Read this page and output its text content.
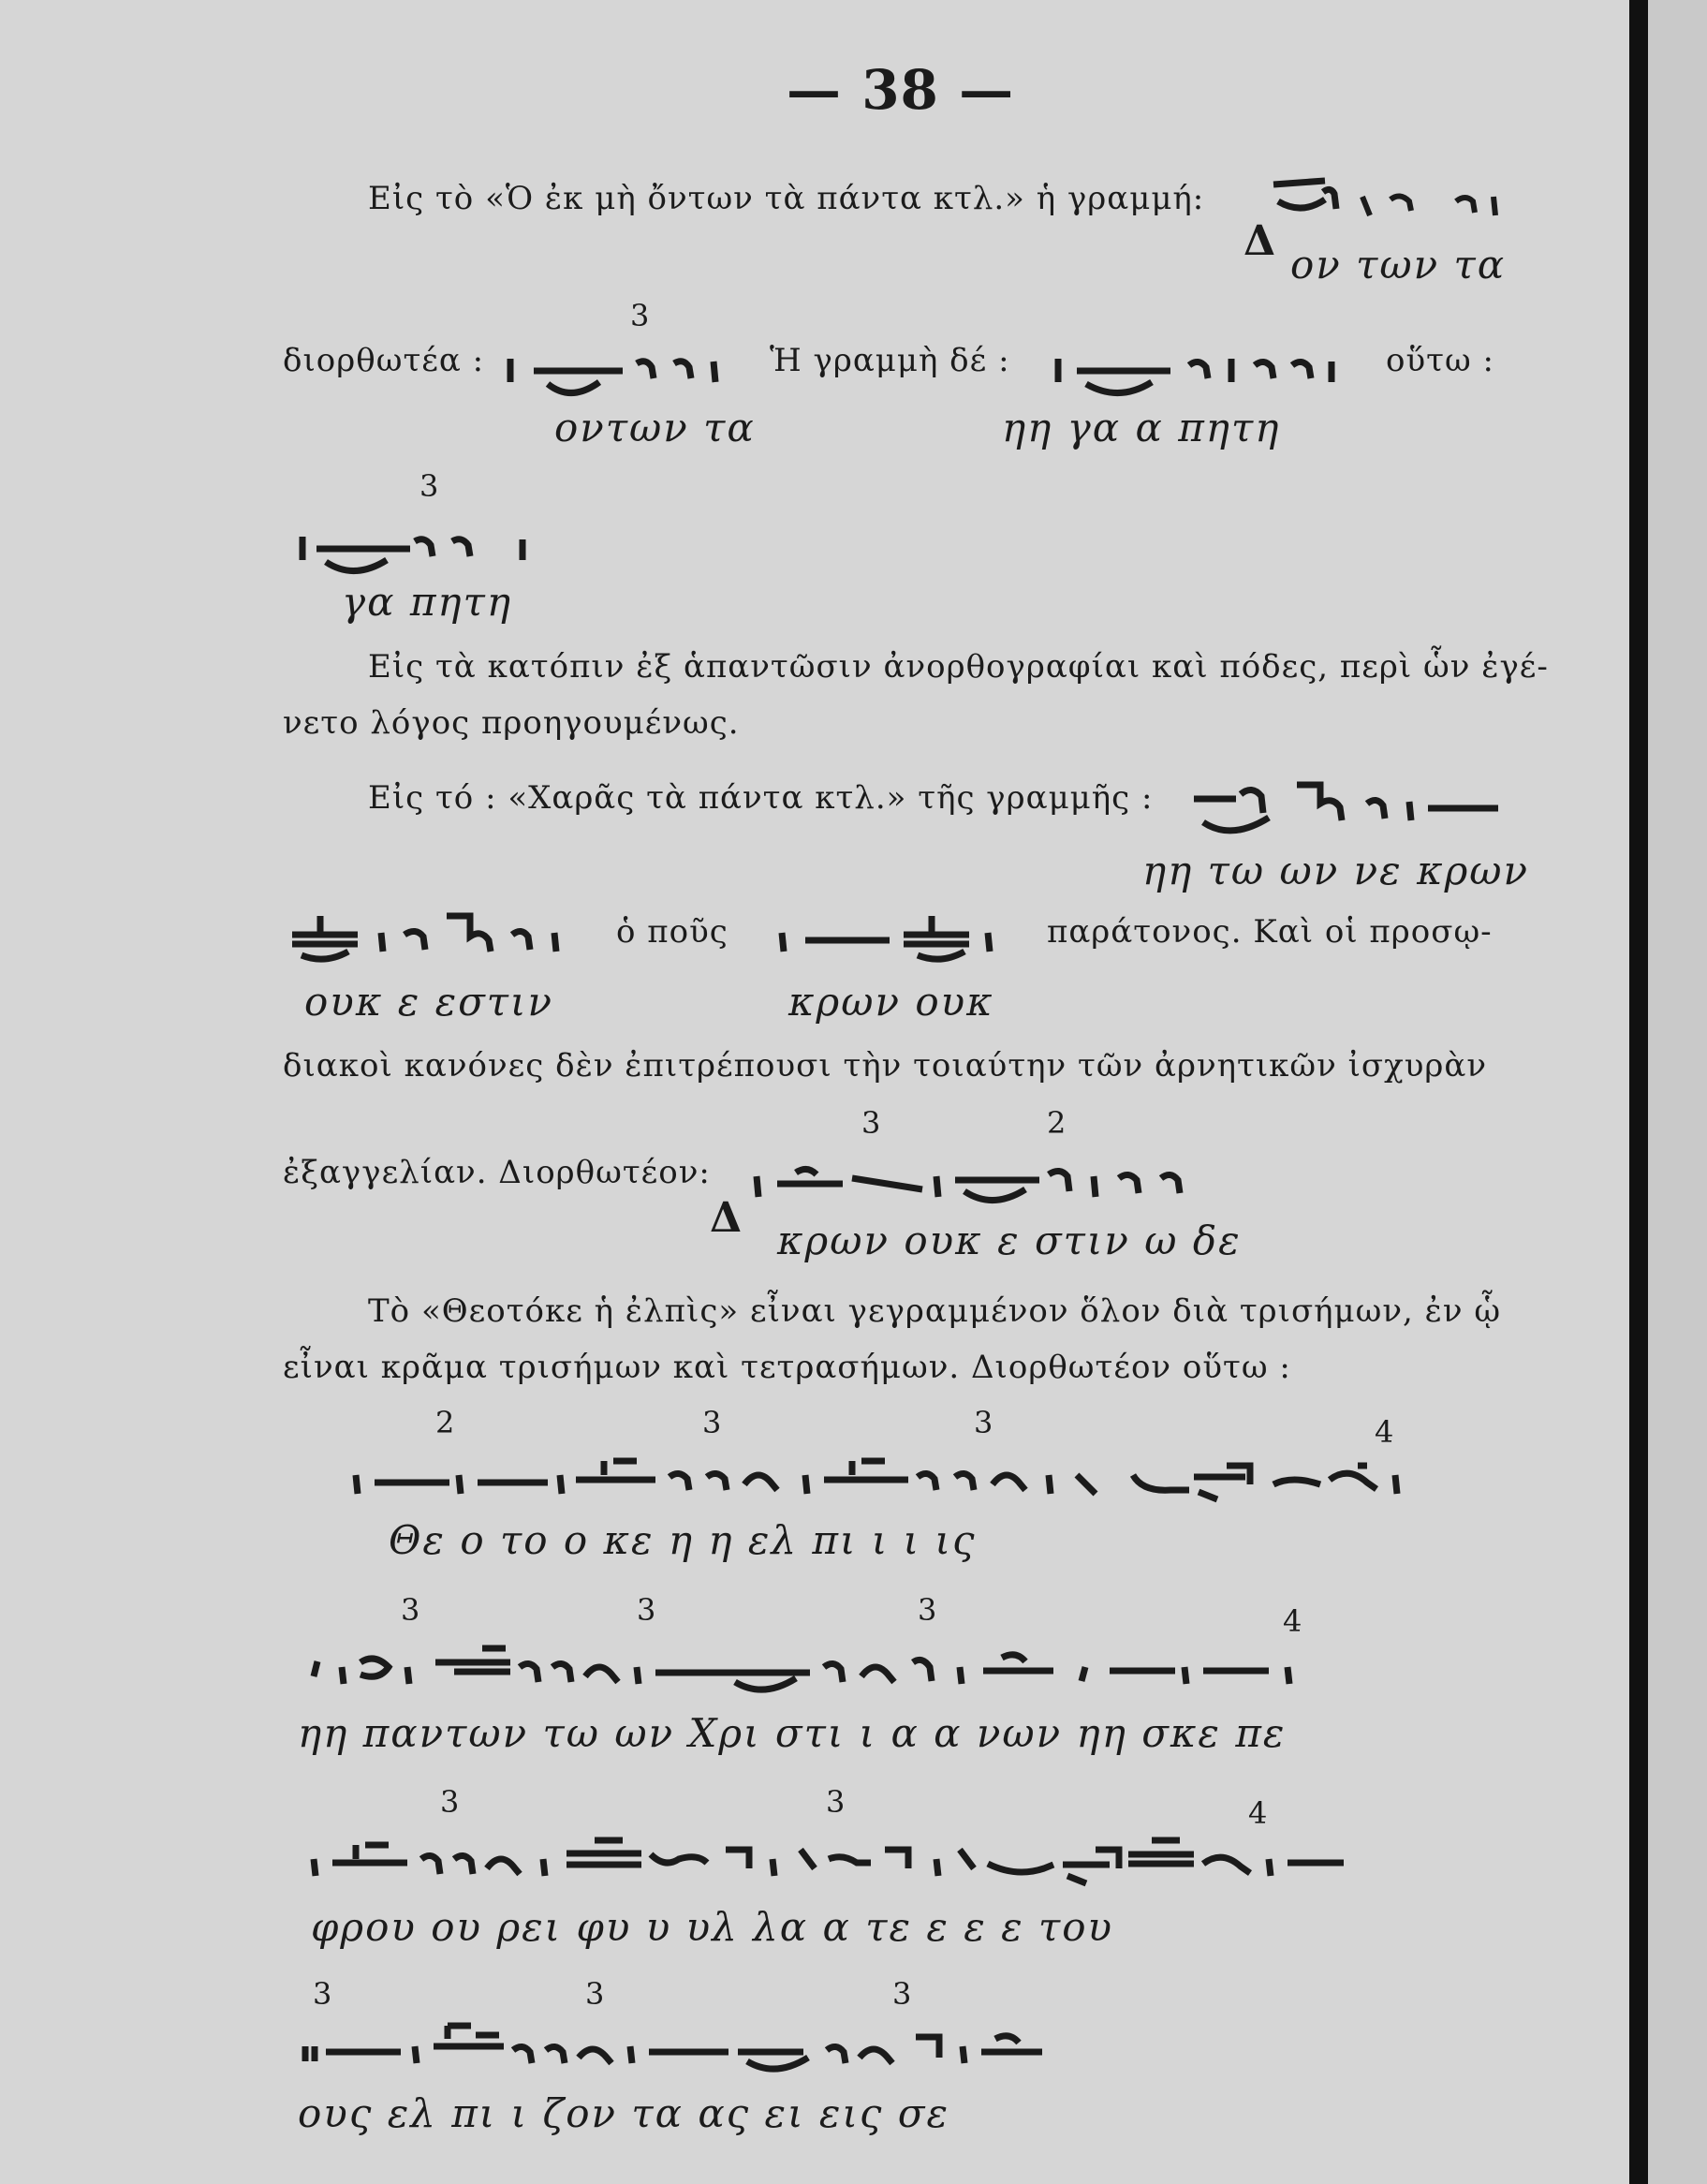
— 38 —
Εἰς τὸ «Ὁ ἐκ μὴ ὄντων τὰ πάντα κτλ.» ἡ γραμμή:
Δ ον των τα
3
διορθωτέα :	Ἡ γραμμὴ δέ :	οὕτω :
οντων τα	ηη γα α πητη
3
γα πητη
Εἰς τὰ κατόπιν ἐξ ἁπαντῶσιν ἀνορθογραφίαι καὶ πόδες, περὶ ὧν ἐγέ-
νετο λόγος προηγουμένως.
Εἰς τό : «Χαρᾶς τὰ πάντα κτλ.» τῆς γραμμῆς :
ηη τω ων νε κρων
ὁ ποῦς	παράτονος. Καὶ οἱ προσῳ-
ουκ ε εστιν	κρων ουκ
διακοὶ κανόνες δὲν ἐπιτρέπουσι τὴν τοιαύτην τῶν ἀρνητικῶν ἰσχυρὰν
3	2
ἐξαγγελίαν. Διορθωτέον:
Δ κρων ουκ ε στιν ω δε
Τὸ «Θεοτόκε ἡ ἐλπὶς» εἶναι γεγραμμένον ὅλον διὰ τρισήμων, ἐν ᾧ
εἶναι κρᾶμα τρισήμων καὶ τετρασήμων. Διορθωτέον οὕτω :
2	3	3	4
Θε ο το ο κε η η ελ πι ι ι ις
3	3	3	4
ηη παντων τω ων Χρι στι ι α α νων ηη σκε πε
3	3	4
φρου ου ρει φυ υ υλ λα α τε ε ε ε του
3	3	3
ους ελ πι ι ζον τα ας ει εις σε
